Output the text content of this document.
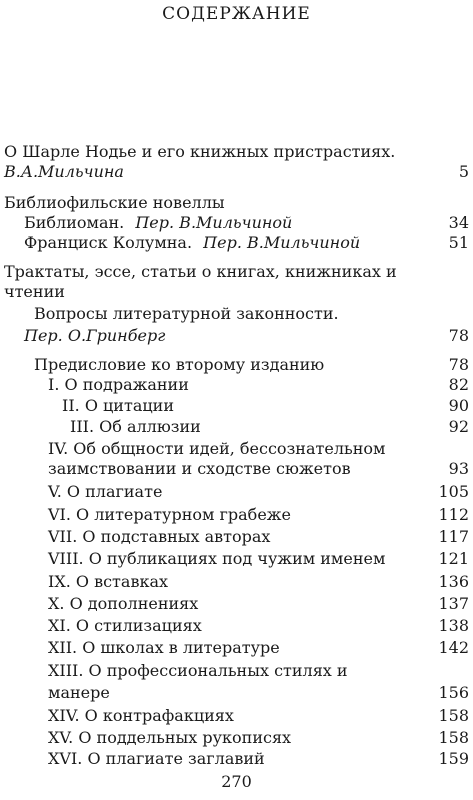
СОДЕРЖАНИЕ
О Шарле Нодье и его книжных пристрастиях.
В.А.Мильчина	5
Библиофильские новеллы
Библиоман. Пер. В.Мильчиной	34
Франциск Колумна. Пер. В.Мильчиной	51
Трактаты, эссе, статьи о книгах, книжниках и
чтении
Вопросы литературной законности.
Пер. О.Гринберг	78
Предисловие ко второму изданию	78
I. О подражании	82
II. О цитации	90
III. Об аллюзии	92
IV. Об общности идей, бессознательном
заимствовании и сходстве сюжетов	93
V. О плагиате	105
VI. О литературном грабеже	112
VII. О подставных авторах	117
VIII. О публикациях под чужим именем	121
IX. О вставках	136
X. О дополнениях	137
XI. О стилизациях	138
XII. О школах в литературе	142
XIII. О профессиональных стилях и
манере	156
XIV. О контрафакциях	158
XV. О поддельных рукописях	158
XVI. О плагиате заглавий	159
270
